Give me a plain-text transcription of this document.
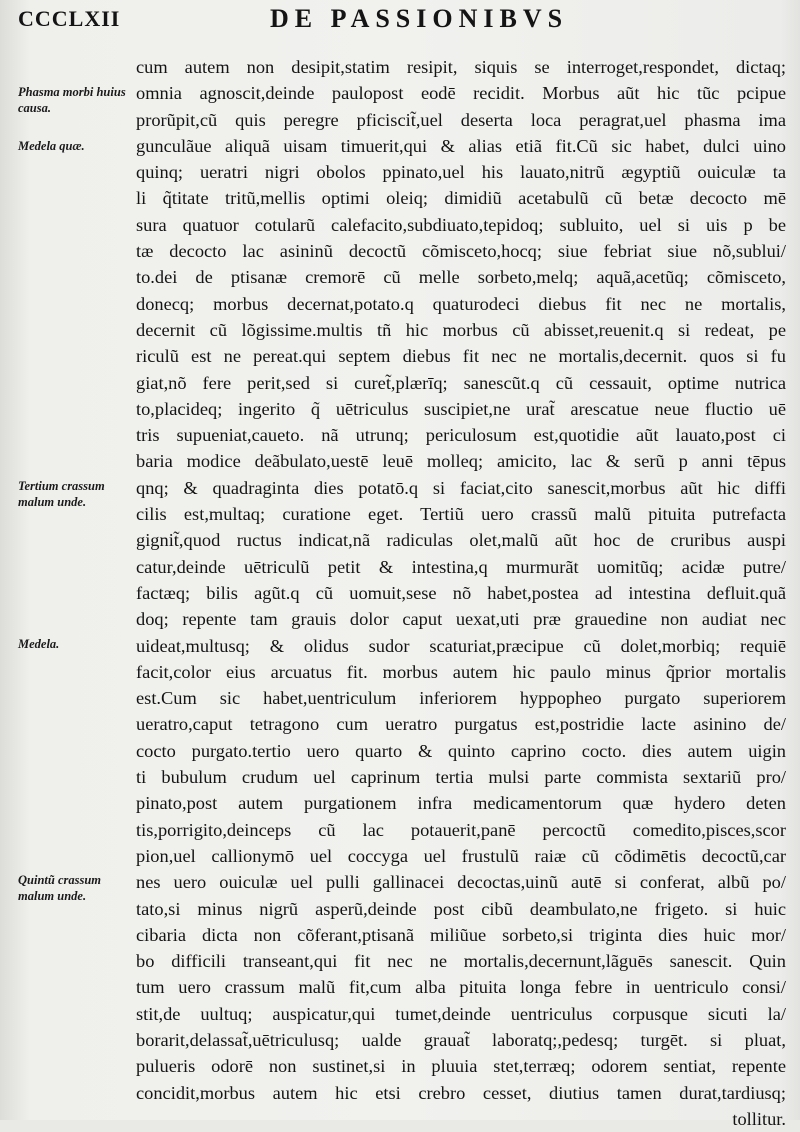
CCCLXII	DE PASSIONIBVS
Phasma morbi huius causa.
Medela quæ.
Tertium crassum malum unde.
Medela.
Quintũ crassum malum unde.
cum autem non desipit,statim resipit, siquis se interroget,respondet, dictaq;
omnia agnoscit,deinde paulopost eodē recidit. Morbus aũt hic tũc pcipue
prorũpit,cũ quis peregre pficiscit̃,uel deserta loca peragrat,uel phasma ima
gunculãue aliquã uisam timuerit,qui & alias etiã fit.Cũ sic habet, dulci uino
quinq; ueratri nigri obolos ppinato,uel his lauato,nitrũ ægyptiũ ouiculæ ta
li q̃titate tritũ,mellis optimi oleiq; dimidiũ acetabulũ cũ betæ decocto mē
sura quatuor cotularũ calefacito,subdiuato,tepidoq; subluito, uel si uis p be
tæ decocto lac asininũ decoctũ cõmisceto,hocq; siue febriat siue nõ,sublui/
to.dei de ptisanæ cremorē cũ melle sorbeto,melq; aquã,acetũq; cõmisceto,
donecq; morbus decernat,potato.q quaturodeci diebus fit nec ne mortalis,
decernit cũ lõgissime.multis tñ hic morbus cũ abisset,reuenit.q si redeat, pe
riculũ est ne pereat.qui septem diebus fit nec ne mortalis,decernit. quos si fu
giat,nõ fere perit,sed si curet̃,plærīq; sanescũt.q cũ cessauit, optime nutrica
to,placideq; ingerito q̃ uētriculus suscipiet,ne urat̃ arescatue neue fluctio uē
tris supueniat,caueto. nã utrunq; periculosum est,quotidie aũt lauato,post ci
baria modice deãbulato,uestē leuē molleq; amicito, lac & serũ p anni tēpus
qnq; & quadraginta dies potatō.q si faciat,cito sanescit,morbus aũt hic diffi
cilis est,multaq; curatione eget. Tertiũ uero crassũ malũ pituita putrefacta
gignit̃,quod ructus indicat,nã radiculas olet,malũ aũt hoc de cruribus auspi
catur,deinde uētriculũ petit & intestina,q murmurãt uomitũq; acidæ putre/
factæq; bilis agũt.q cũ uomuit,sese nõ habet,postea ad intestina defluit.quã
doq; repente tam grauis dolor caput uexat,uti præ grauedine non audiat nec
uideat,multusq; & olidus sudor scaturiat,præcipue cũ dolet,morbiq; requiē
facit,color eius arcuatus fit. morbus autem hic paulo minus q̃prior mortalis
est.Cum sic habet,uentriculum inferiorem hyppopheo purgato superiorem
ueratro,caput tetragono cum ueratro purgatus est,postridie lacte asinino de/
cocto purgato.tertio uero quarto & quinto caprino cocto. dies autem uigin
ti bubulum crudum uel caprinum tertia mulsi parte commista sextariũ pro/
pinato,post autem purgationem infra medicamentorum quæ hydero deten
tis,porrigito,deinceps cũ lac potauerit,panē percoctũ comedito,pisces,scor
pion,uel callionymō uel coccyga uel frustulũ raiæ cũ cõdimētis decoctũ,car
nes uero ouiculæ uel pulli gallinacei decoctas,uinũ autē si conferat, albũ po/
tato,si minus nigrũ asperũ,deinde post cibũ deambulato,ne frigeto. si huic
cibaria dicta non cõferant,ptisanã miliũue sorbeto,si triginta dies huic mor/
bo difficili transeant,qui fit nec ne mortalis,decernunt,lãguēs sanescit. Quin
tum uero crassum malũ fit,cum alba pituita longa febre in uentriculo consi/
stit,de uultuq; auspicatur,qui tumet,deinde uentriculus corpusque sicuti la/
borarit,delassat̃,uētriculusq; ualde grauat̃ laboratq;,pedesq; turgēt. si pluat,
pulueris odorē non sustinet,si in pluuia stet,terræq; odorem sentiat, repente
concidit,morbus autem hic etsi crebro cesset, diutius tamen durat,tardiusq;
tollitur.
